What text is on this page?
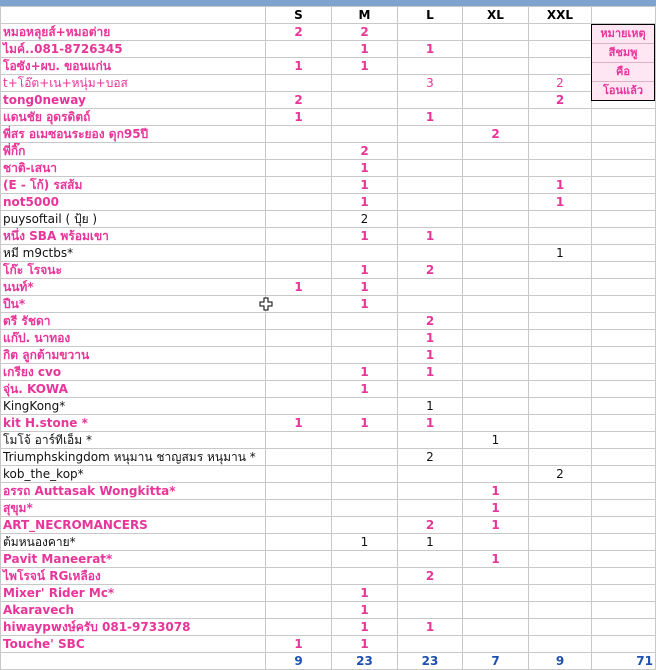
	S	M	L	XL	XXL	
หมอหลุยส์+หมอต่าย	2	2				
ไมค์..081-8726345		1	1			
โอซัง+ผบ. ขอนแก่น	1	1				
t+โอ๊ต+เน+หนุ่ม+บอส			3		2	
tong0neway	2				2	
แดนชัย อุดรดิตถ์	1		1			
พี่สร อเมซอนระยอง ดุก95ปี				2		
พี่กิ๊ก		2				
ชาติ-เสนา		1				
(E - โก้) รสส้ม		1			1	
not5000		1			1	
puysoftail ( ปุ้ย )		2				
หนึ่ง SBA พร้อมเขา		1	1			
หมี m9ctbs*					1	
โก๊ะ โรจนะ		1	2			
นนท์*	1	1				
ปืน*		1				
ตรี รัชดา			2			
แก๊ป. นาทอง			1			
กิต ลูกต้ามขวาน			1			
เกรียง cvo		1	1			
จุ่น. KOWA		1				
KingKong*			1			
kit H.stone *	1	1	1			
โมโจ้ อาร์ทีเอ็ม *				1		
Triumphskingdom หนุมาน ชาญสมร หนุมาน *			2			
kob_the_kop*					2	
อรรถ Auttasak Wongkitta*				1		
สุขุม*				1		
ART_NECROMANCERS			2	1		
ต้มหนองคาย*		1	1			
Pavit Maneerat*				1		
ไพโรจน์ RGเหลือง			2			
Mixer' Rider Mc*		1				
Akaravech		1				
hiwaypwงษ์ครับ 081-9733078		1	1			
Touche' SBC	1	1				
	9	23	23	7	9	71
หมายเหตุ
สีชมพู
คือ
โอนแล้ว
